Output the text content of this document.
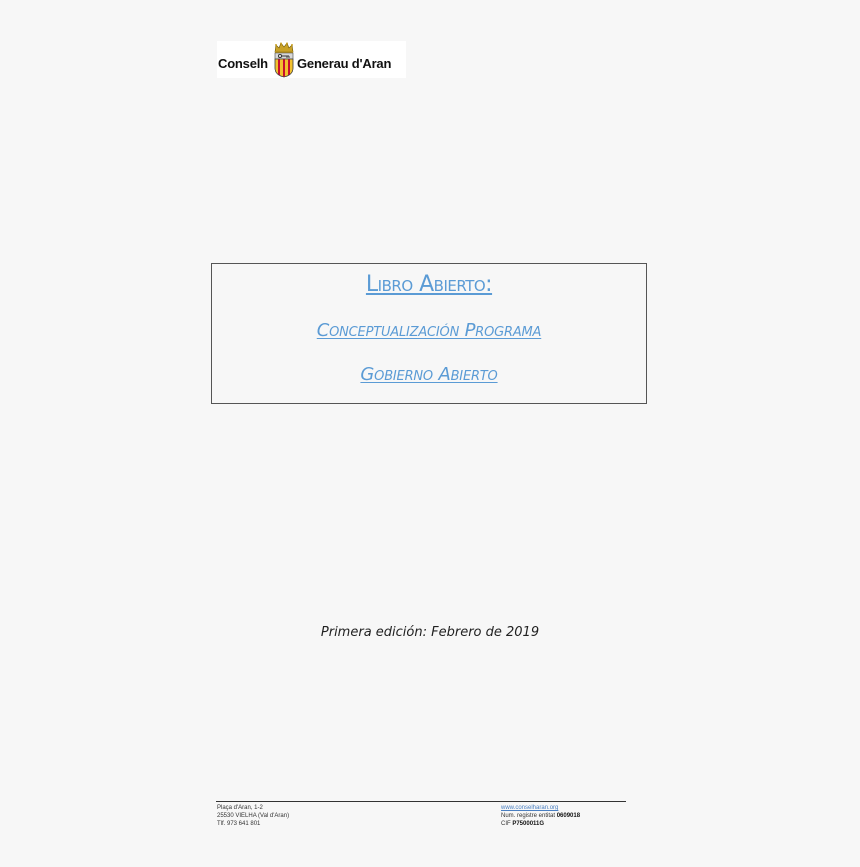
Conselh Generau d'Aran
Libro Abierto:
Conceptualización Programa
Gobierno Abierto
Primera edición: Febrero de 2019
Plaça d'Aran, 1-2
25530 VIELHA (Val d'Aran)
Tlf. 973 641 801
www.conselharan.org
Num. registre entitat 0609018
CIF P7500011G
